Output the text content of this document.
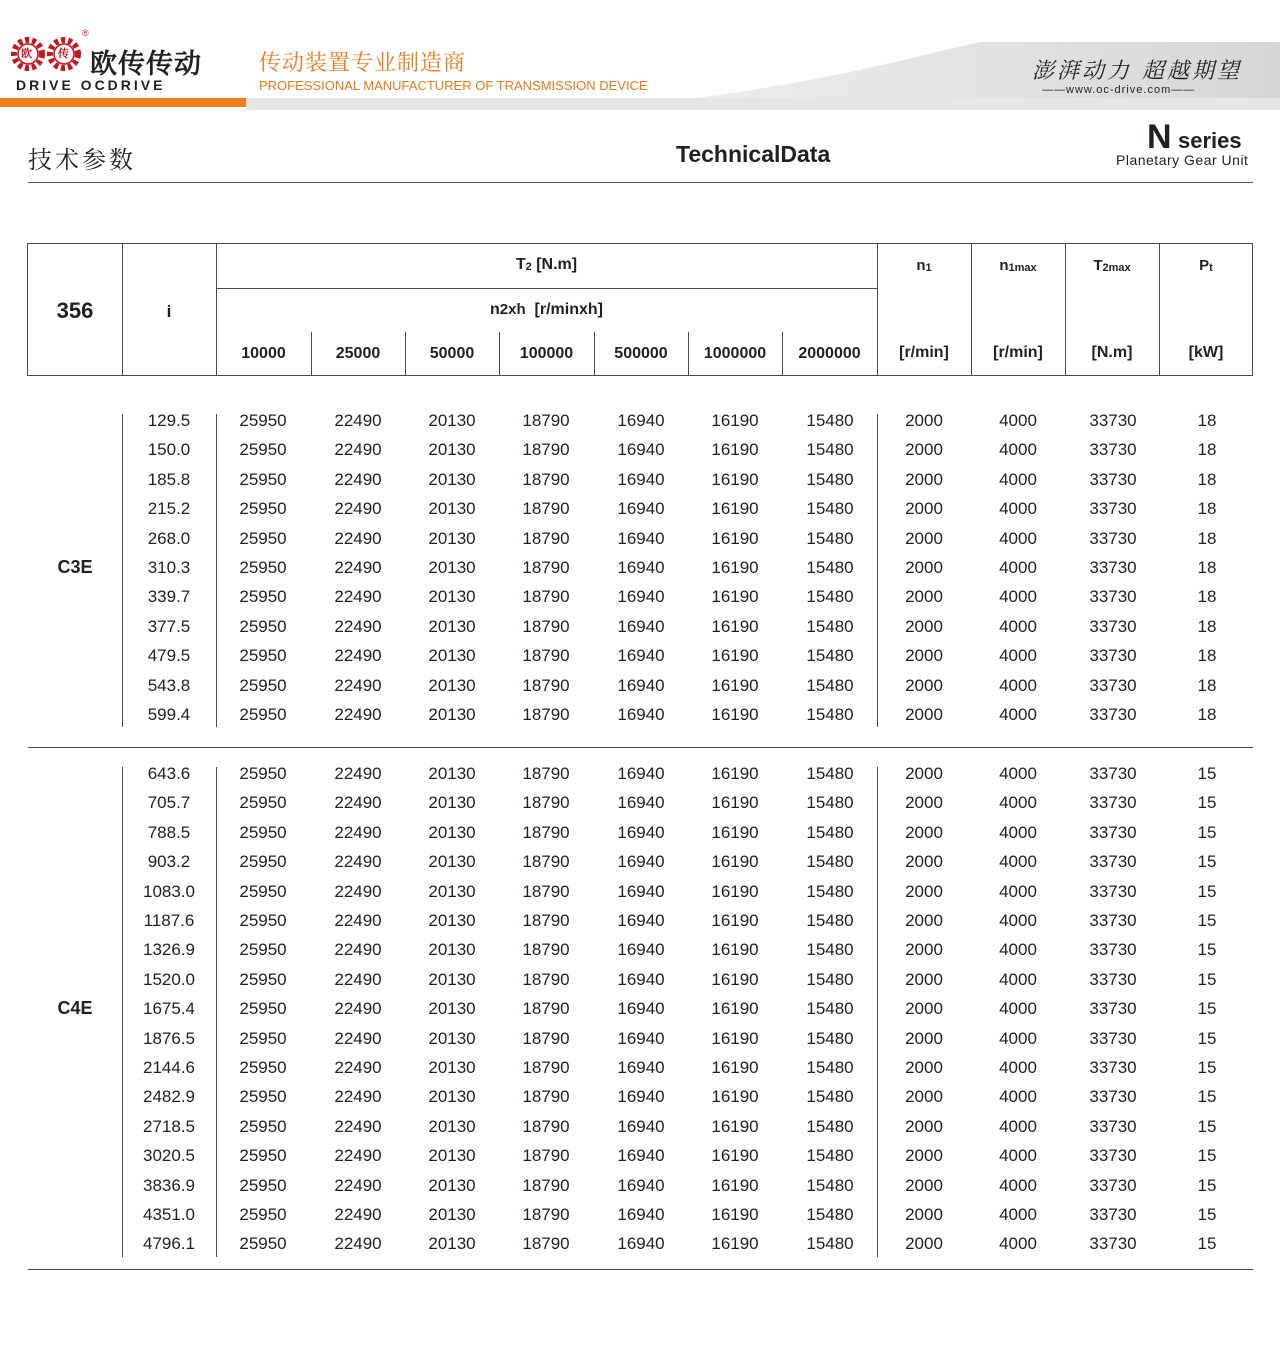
欧 传
®
欧传传动
DRIVE OCDRIVE
传动装置专业制造商
PROFESSIONAL MANUFACTURER OF TRANSMISSION DEVICE
澎湃动力 超越期望
——www.oc-drive.com——
技术参数	TechnicalData	N series
Planetary Gear Unit
356	i
$T_2$ [N.m]
n2xh  [r/minxh]
10000	25000	50000	100000	500000	1000000	2000000
$n_1$	$n_{1max}$	$T_{2max}$	$P_t$
[r/min]	[r/min]	[N.m]	[kW]
C3E
129.5	25950	22490	20130	18790	16940	16190	15480	2000	4000	33730	18
150.0	25950	22490	20130	18790	16940	16190	15480	2000	4000	33730	18
185.8	25950	22490	20130	18790	16940	16190	15480	2000	4000	33730	18
215.2	25950	22490	20130	18790	16940	16190	15480	2000	4000	33730	18
268.0	25950	22490	20130	18790	16940	16190	15480	2000	4000	33730	18
310.3	25950	22490	20130	18790	16940	16190	15480	2000	4000	33730	18
339.7	25950	22490	20130	18790	16940	16190	15480	2000	4000	33730	18
377.5	25950	22490	20130	18790	16940	16190	15480	2000	4000	33730	18
479.5	25950	22490	20130	18790	16940	16190	15480	2000	4000	33730	18
543.8	25950	22490	20130	18790	16940	16190	15480	2000	4000	33730	18
599.4	25950	22490	20130	18790	16940	16190	15480	2000	4000	33730	18
C4E
643.6	25950	22490	20130	18790	16940	16190	15480	2000	4000	33730	15
705.7	25950	22490	20130	18790	16940	16190	15480	2000	4000	33730	15
788.5	25950	22490	20130	18790	16940	16190	15480	2000	4000	33730	15
903.2	25950	22490	20130	18790	16940	16190	15480	2000	4000	33730	15
1083.0	25950	22490	20130	18790	16940	16190	15480	2000	4000	33730	15
1187.6	25950	22490	20130	18790	16940	16190	15480	2000	4000	33730	15
1326.9	25950	22490	20130	18790	16940	16190	15480	2000	4000	33730	15
1520.0	25950	22490	20130	18790	16940	16190	15480	2000	4000	33730	15
1675.4	25950	22490	20130	18790	16940	16190	15480	2000	4000	33730	15
1876.5	25950	22490	20130	18790	16940	16190	15480	2000	4000	33730	15
2144.6	25950	22490	20130	18790	16940	16190	15480	2000	4000	33730	15
2482.9	25950	22490	20130	18790	16940	16190	15480	2000	4000	33730	15
2718.5	25950	22490	20130	18790	16940	16190	15480	2000	4000	33730	15
3020.5	25950	22490	20130	18790	16940	16190	15480	2000	4000	33730	15
3836.9	25950	22490	20130	18790	16940	16190	15480	2000	4000	33730	15
4351.0	25950	22490	20130	18790	16940	16190	15480	2000	4000	33730	15
4796.1	25950	22490	20130	18790	16940	16190	15480	2000	4000	33730	15
